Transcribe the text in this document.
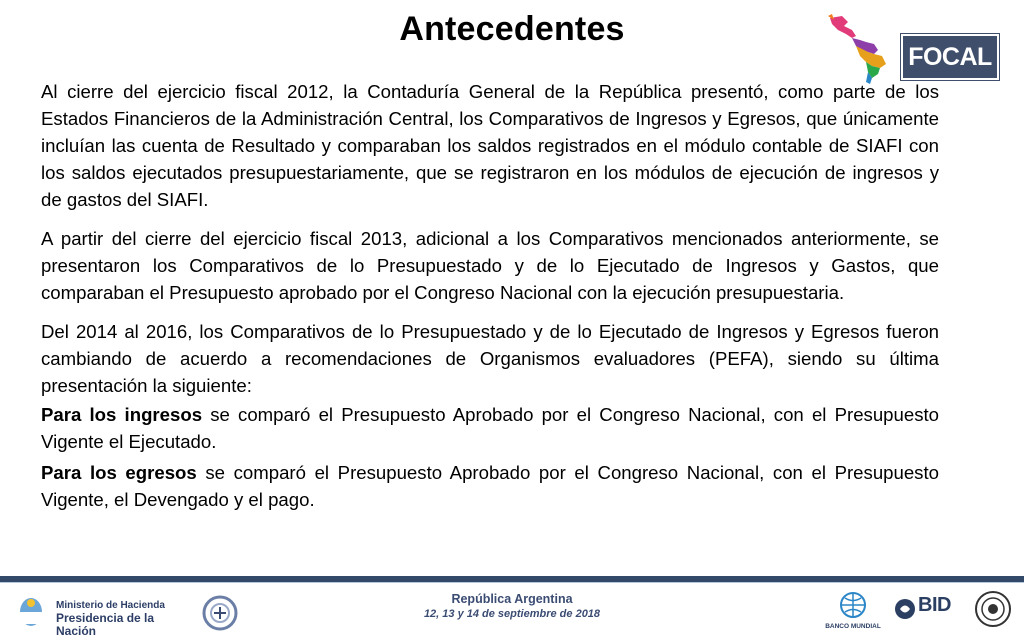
Antecedentes
FOCAL

Al cierre del ejercicio fiscal 2012, la Contaduría General de la República presentó, como parte de los Estados Financieros de la Administración Central, los Comparativos de Ingresos y Egresos, que únicamente incluían las cuenta de Resultado y comparaban los saldos registrados en el módulo contable de SIAFI con los saldos ejecutados presupuestariamente, que se registraron en los módulos de ejecución de ingresos y de gastos del SIAFI.

A partir del cierre del ejercicio fiscal 2013, adicional a los Comparativos mencionados anteriormente, se presentaron los Comparativos de lo Presupuestado y de lo Ejecutado de Ingresos y Gastos, que comparaban el Presupuesto aprobado por el Congreso Nacional con la ejecución presupuestaria.

Del 2014 al 2016, los Comparativos de lo Presupuestado y de lo Ejecutado de Ingresos y Egresos fueron cambiando de acuerdo a recomendaciones de Organismos evaluadores (PEFA), siendo su última presentación la siguiente:

Para los ingresos se comparó el Presupuesto Aprobado por el Congreso Nacional, con el Presupuesto Vigente el Ejecutado.

Para los egresos se comparó el Presupuesto Aprobado por el Congreso Nacional, con el Presupuesto Vigente, el Devengado y el pago.

Ministerio de Hacienda
Presidencia de la Nación
República Argentina
12, 13 y 14 de septiembre de 2018
BANCO MUNDIAL
BID
